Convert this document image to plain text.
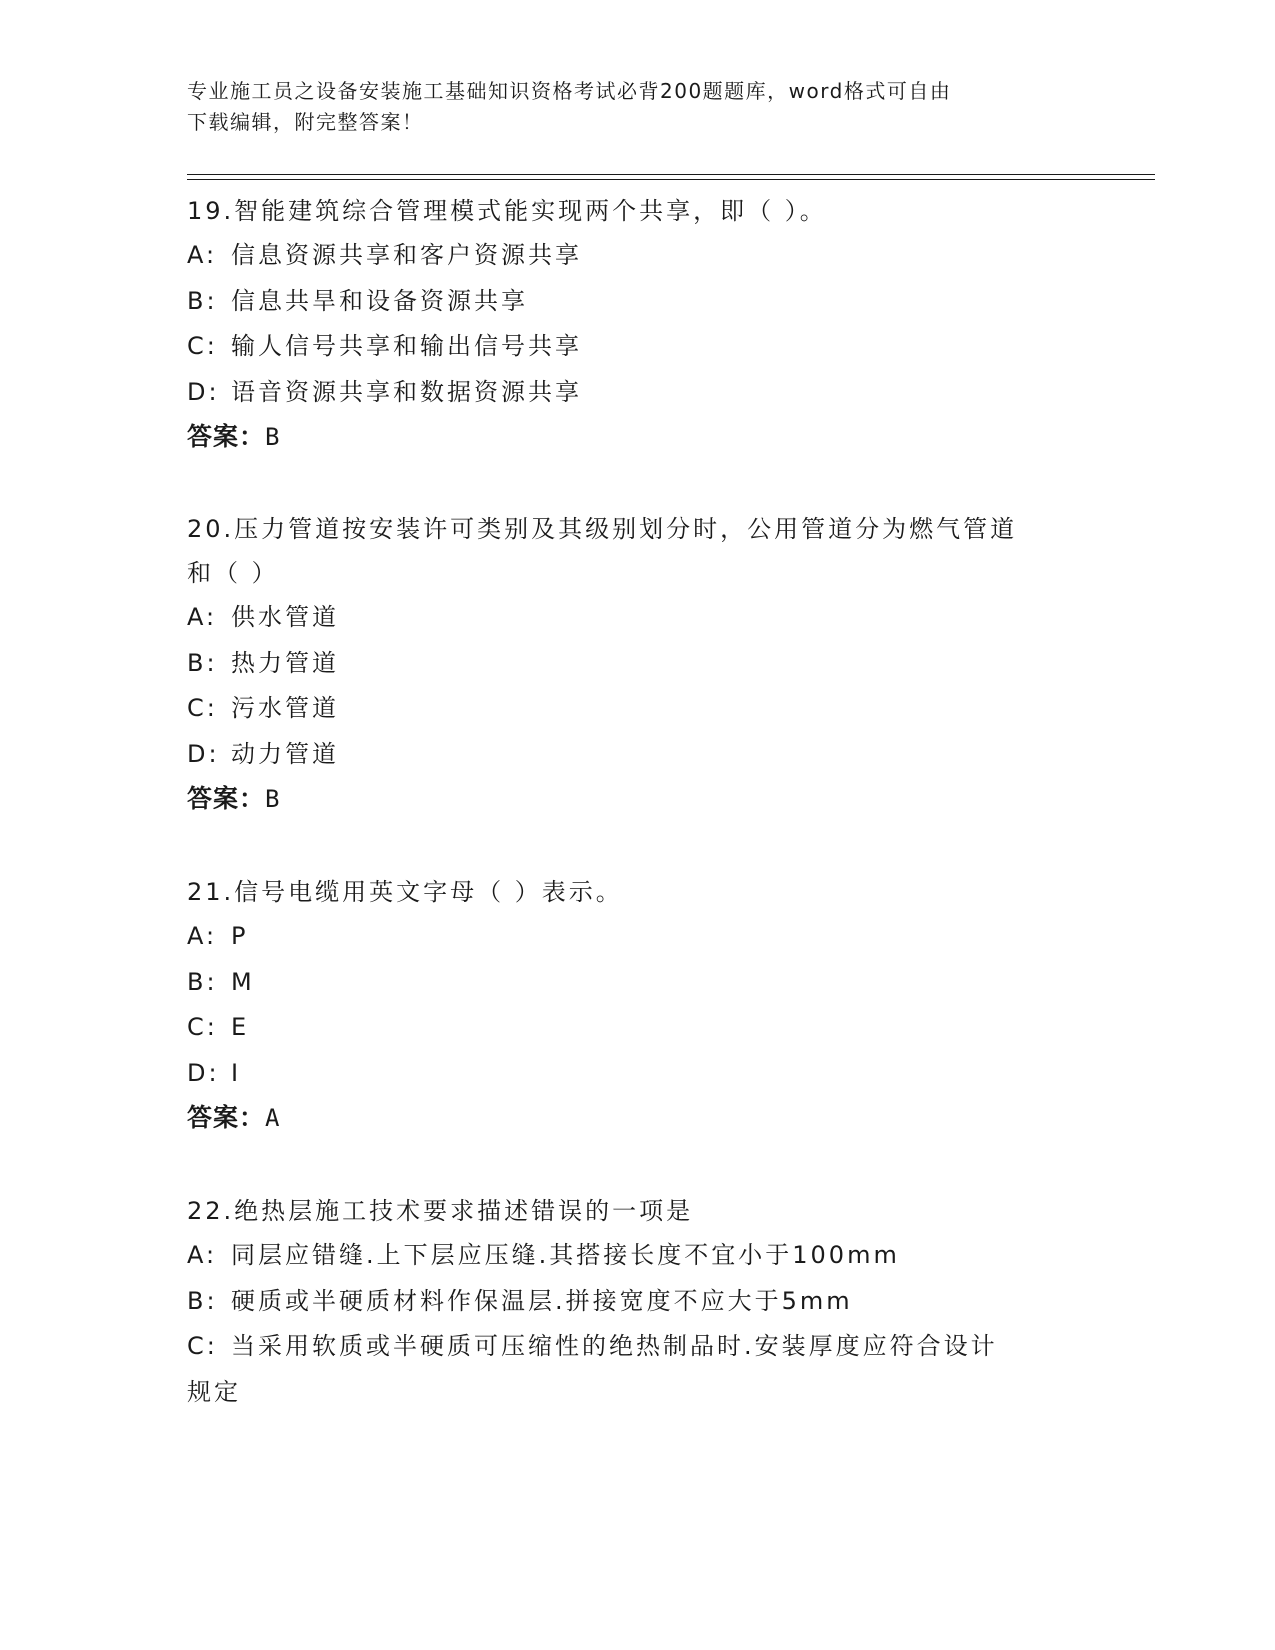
专业施工员之设备安装施工基础知识资格考试必背200题题库，word格式可自由
下载编辑，附完整答案！

19.智能建筑综合管理模式能实现两个共享，即（ ）。

A: 信息资源共享和客户资源共享

B: 信息共旱和设备资源共享

C: 输人信号共享和输出信号共享

D: 语音资源共享和数据资源共享

答案：B

20.压力管道按安装许可类别及其级别划分时，公用管道分为燃气管道

和（ ）

A: 供水管道

B: 热力管道

C: 污水管道

D: 动力管道

答案：B

21.信号电缆用英文字母（ ）表示。

A: P

B: M

C: E

D: I

答案：A

22.绝热层施工技术要求描述错误的一项是

A: 同层应错缝.上下层应压缝.其搭接长度不宜小于100mm

B: 硬质或半硬质材料作保温层.拼接宽度不应大于5mm

C: 当采用软质或半硬质可压缩性的绝热制品时.安装厚度应符合设计

规定
